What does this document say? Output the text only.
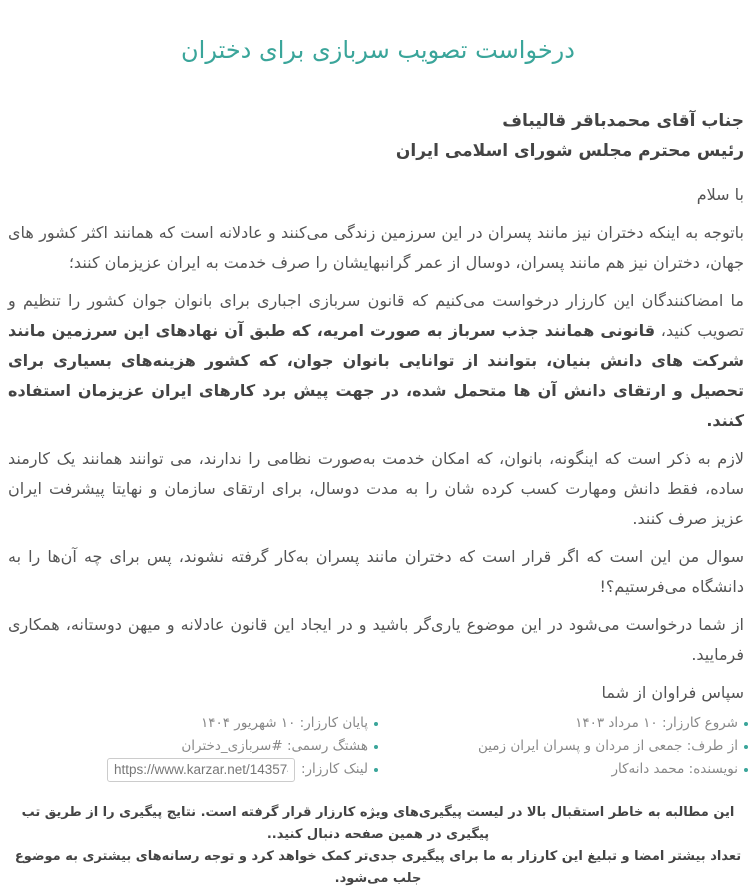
درخواست تصویب سربازی برای دختران
جناب آقای محمدباقر قالیباف
رئیس محترم مجلس شورای اسلامی ایران

با سلام

باتوجه به اینکه دختران نیز مانند پسران در این سرزمین زندگی می‌کنند و عادلانه است که همانند اکثر کشور های جهان، دختران نیز هم مانند پسران، دوسال از عمر گرانبهایشان را صرف خدمت به ایران عزیزمان کنند؛

ما امضاکنندگان این کارزار درخواست می‌کنیم که قانون سربازی اجباری برای بانوان جوان کشور را تنظیم و تصویب کنید، قانونی همانند جذب سرباز به صورت امریه، که طبق آن نهادهای این سرزمین مانند شرکت های دانش بنیان، بتوانند از توانایی بانوان جوان، که کشور هزینه‌های بسیاری برای تحصیل و ارتقای دانش آن ها متحمل شده، در جهت پیش برد کارهای ایران عزیزمان استفاده کنند.

لازم به ذکر است که اینگونه، بانوان، که امکان خدمت به‌صورت نظامی را ندارند، می توانند همانند یک کارمند ساده، فقط دانش ومهارت کسب کرده شان را به مدت دوسال، برای ارتقای سازمان و نهایتا پیشرفت ایران عزیز صرف کنند.

سوال من این است که اگر قرار است که دختران مانند پسران به‌کار گرفته نشوند، پس برای چه آن‌ها را به دانشگاه می‌فرستیم؟!

از شما درخواست می‌شود در این موضوع یاری‌گر باشید و در ایجاد این قانون عادلانه و میهن دوستانه، همکاری فرمایید.

سپاس فراوان از شما

شروع کارزار: ۱۰ مرداد ۱۴۰۳
از طرف: جمعی از مردان و پسران ایران زمین
نویسنده: محمد دانه‌کار
پایان کارزار: ۱۰ شهریور ۱۴۰۴
هشتگ رسمی: #سربازی_دختران
لینک کارزار:
https://www.karzar.net/143574
این مطالبه به خاطر استقبال بالا در لیست پیگیری‌های ویژه کارزار قرار گرفته است. نتایج پیگیری را از طریق تب پیگیری در همین صفحه دنبال کنید..
تعداد بیشتر امضا و تبلیغ این کارزار به ما برای پیگیری جدی‌تر کمک خواهد کرد و توجه رسانه‌های بیشتری به موضوع جلب می‌شود.
